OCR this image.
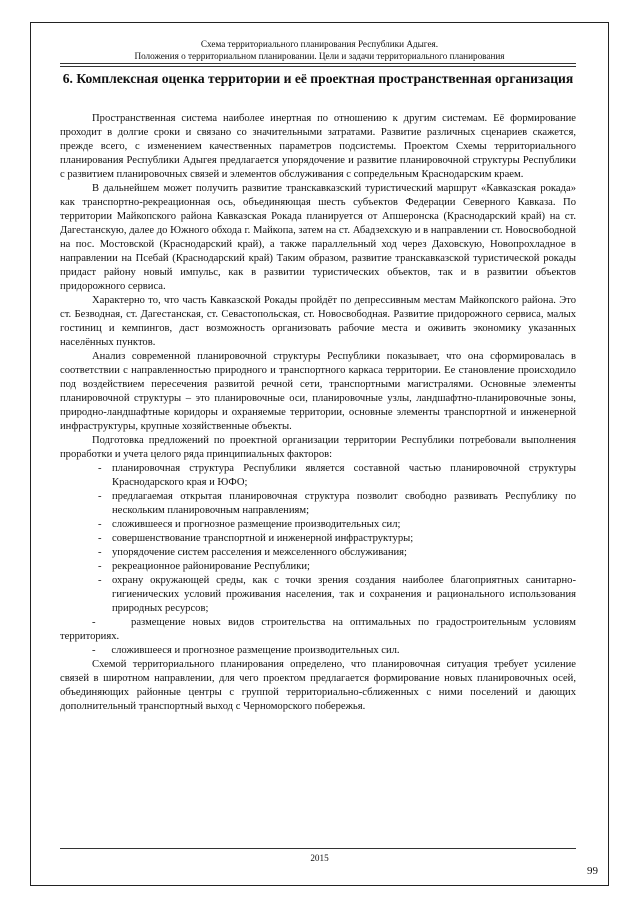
Схема территориального планирования Республики Адыгея.
Положения о территориальном планировании. Цели и задачи территориального планирования
6. Комплексная оценка территории и её проектная пространственная организация

Пространственная система наиболее инертная по отношению к другим системам. Её формирование проходит в долгие сроки и связано со значительными затратами. Развитие различных сценариев скажется, прежде всего, с изменением качественных параметров подсистемы. Проектом Схемы территориального планирования Республики Адыгея предлагается упорядочение и развитие планировочной структуры Республики с развитием планировочных связей и элементов обслуживания с сопредельным Краснодарским краем.

В дальнейшем может получить развитие транскавказский туристический маршрут «Кавказская рокада» как транспортно-рекреационная ось, объединяющая шесть субъектов Федерации Северного Кавказа. По территории Майкопского района Кавказская Рокада планируется от Апшеронска (Краснодарский край) на ст. Дагестанскую, далее до Южного обхода г. Майкопа, затем на ст. Абадзехскую и в направлении ст. Новосвободной на пос. Мостовской (Краснодарский край), а также параллельный ход через Даховскую, Новопрохладное в направлении на Псебай (Краснодарский край) Таким образом, развитие транскавказской туристической рокады придаст району новый импульс, как в развитии туристических объектов, так и в развитии объектов придорожного сервиса.

Характерно то, что часть Кавказской Рокады пройдёт по депрессивным местам Майкопского района. Это ст. Безводная, ст. Дагестанская, ст. Севастопольская, ст. Новосвободная. Развитие придорожного сервиса, малых гостиниц и кемпингов, даст возможность организовать рабочие места и оживить экономику указанных населённых пунктов.

Анализ современной планировочной структуры Республики показывает, что она сформировалась в соответствии с направленностью природного и транспортного каркаса территории. Ее становление происходило под воздействием пересечения развитой речной сети, транспортными магистралями. Основные элементы планировочной структуры – это планировочные оси, планировочные узлы, ландшафтно-планировочные зоны, природно-ландшафтные коридоры и охраняемые территории, основные элементы транспортной и инженерной инфраструктуры, крупные хозяйственные объекты.

Подготовка предложений по проектной организации территории Республики потребовали выполнения проработки и учета целого ряда принципиальных факторов:

- планировочная структура Республики является составной частью планировочной структуры Краснодарского края и ЮФО;
- предлагаемая открытая планировочная структура позволит свободно развивать Республику по нескольким планировочным направлениям;
- сложившееся и прогнозное размещение производительных сил;
- совершенствование транспортной и инженерной инфраструктуры;
- упорядочение систем расселения и межселенного обслуживания;
- рекреационное районирование Республики;
- охрану окружающей среды, как с точки зрения создания наиболее благоприятных санитарно-гигиенических условий проживания населения, так и сохранения и рационального использования природных ресурсов;

-	размещение новых видов строительства на оптимальных по градостроительным условиям территориях.

- сложившееся и прогнозное размещение производительных сил.

Схемой территориального планирования определено, что планировочная ситуация требует усиление связей в широтном направлении, для чего проектом предлагается формирование новых планировочных осей, объединяющих районные центры с группой территориально-сближенных с ними поселений и дающих дополнительный транспортный выход с Черноморского побережья.

2015
99
